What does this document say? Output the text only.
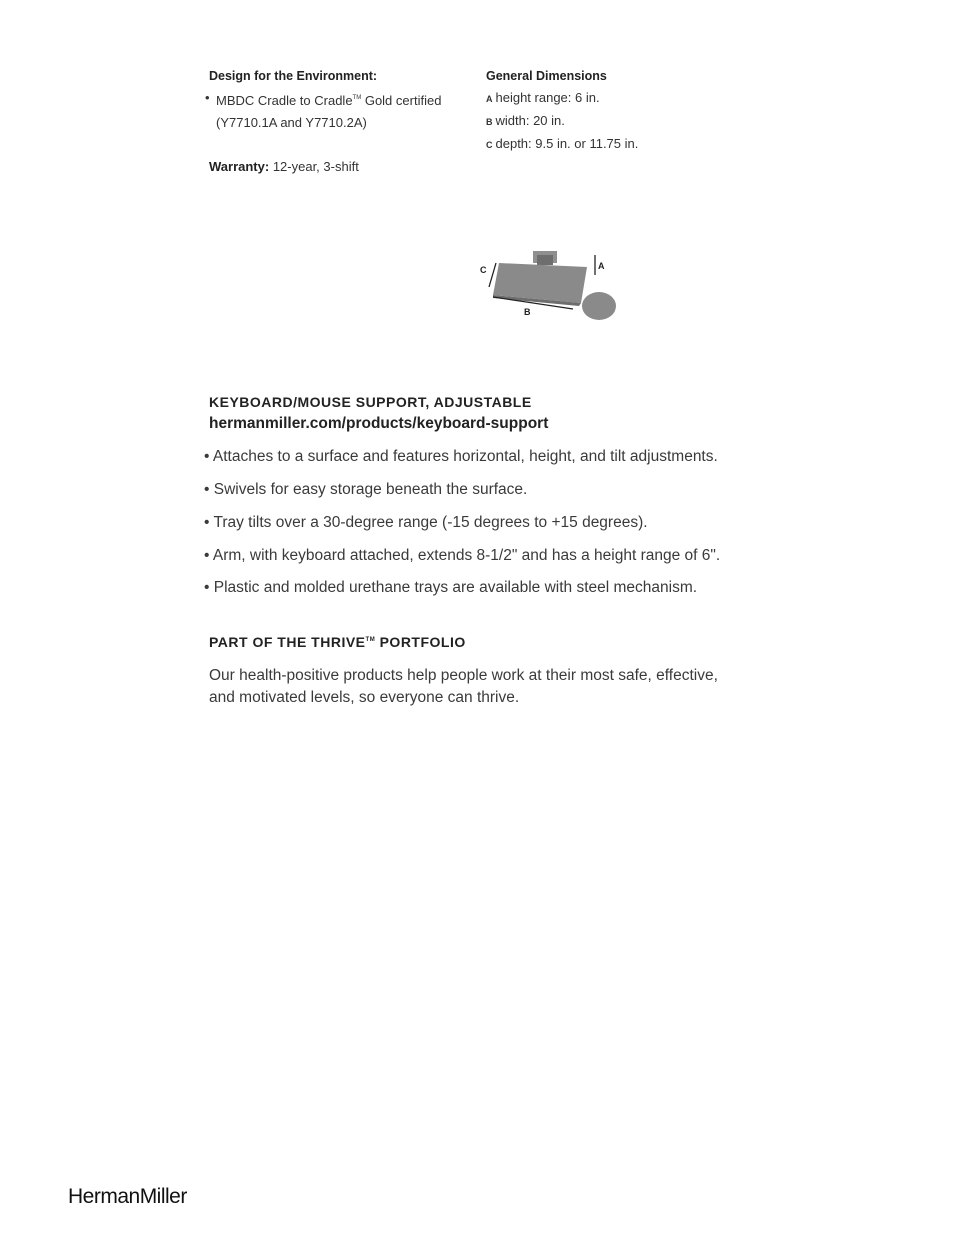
Design for the Environment:
• MBDC Cradle to Cradle™ Gold certified
(Y7710.1A and Y7710.2A)
Warranty: 12-year, 3-shift
General Dimensions
A height range: 6 in.
B width: 20 in.
C depth: 9.5 in. or 11.75 in.
C	A
B
KEYBOARD/MOUSE SUPPORT, ADJUSTABLE
hermanmiller.com/products/keyboard-support
• Attaches to a surface and features horizontal, height, and tilt adjustments.
• Swivels for easy storage beneath the surface.
• Tray tilts over a 30-degree range (-15 degrees to +15 degrees).
• Arm, with keyboard attached, extends 8-1/2" and has a height range of 6".
• Plastic and molded urethane trays are available with steel mechanism.
PART OF THE THRIVE™ PORTFOLIO
Our health-positive products help people work at their most safe, effective, and motivated levels, so everyone can thrive.
HermanMiller
